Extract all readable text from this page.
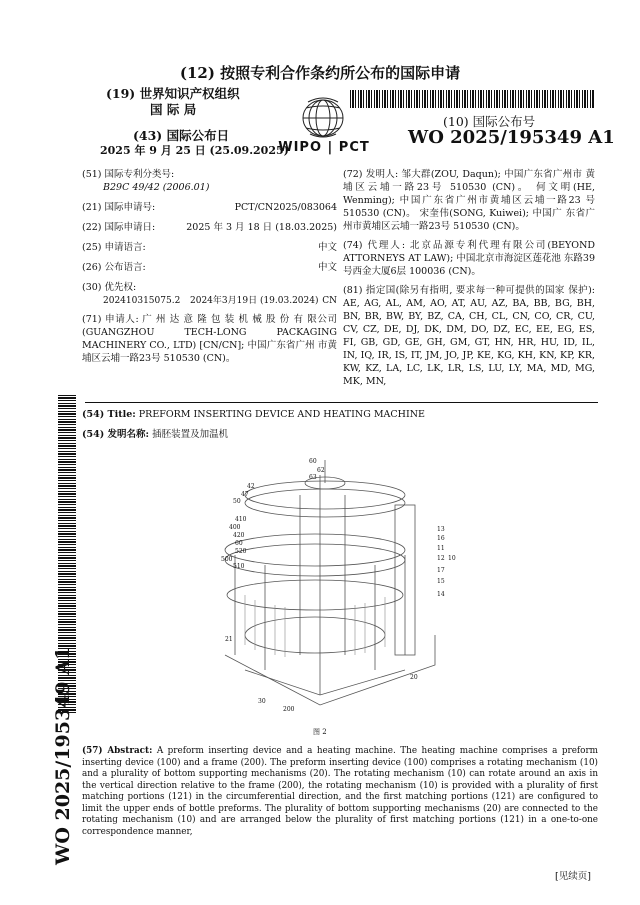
(12) 按照专利合作条约所公布的国际申请
(19) 世界知识产权组织
国 际 局
(43) 国际公布日
2025 年 9 月 25 日 (25.09.2025)
WIPO | PCT
(10) 国际公布号
WO 2025/195349 A1
(51) 国际专利分类号:
B29C 49/42 (2006.01)
(21) 国际申请号:	PCT/CN2025/083064
(22) 国际申请日:	2025 年 3 月 18 日 (18.03.2025)
(25) 申请语言:	中文
(26) 公布语言:	中文
(30) 优先权:
202410315075.2 2024年3月19日 (19.03.2024) CN
(71) 申请人: 广 州 达 意 隆 包 装 机 械 股 份 有 限公司(GUANGZHOU TECH-LONG PACKAGING MACHINERY CO., LTD) [CN/CN]; 中国广东省广州 市黄埔区云埔一路23号 510530 (CN)。
(72) 发明人: 邹大群(ZOU, Daqun); 中国广东省广州市 黄埔区云埔一路23号 510530 (CN)。 何文明(HE, Wenming); 中国广东省广州市黄埔区云埔一路23 号 510530 (CN)。 宋奎伟(SONG, Kuiwei); 中国广 东省广州市黄埔区云埔一路23号 510530 (CN)。
(74) 代理人: 北京品源专利代理有限公司(BEYOND ATTORNEYS AT LAW); 中国北京市海淀区莲花池 东路39号西金大厦6层 100036 (CN)。
(81) 指定国(除另有指明, 要求每一种可提供的国家 保护): AE, AG, AL, AM, AO, AT, AU, AZ, BA, BB, BG, BH, BN, BR, BW, BY, BZ, CA, CH, CL, CN, CO, CR, CU, CV, CZ, DE, DJ, DK, DM, DO, DZ, EC, EE, EG, ES, FI, GB, GD, GE, GH, GM, GT, HN, HR, HU, ID, IL, IN, IQ, IR, IS, IT, JM, JO, JP, KE, KG, KH, KN, KP, KR, KW, KZ, LA, LC, LK, LR, LS, LU, LY, MA, MD, MG, MK, MN,
WO 2025/195349 A1
(54) Title: PREFORM INSERTING DEVICE AND HEATING MACHINE
(54) 发明名称: 插胚装置及加温机
60
62
63
42
47
50
410
400
420
60
520
500
510
21
13
16
11
12
17
15
14
10
20
30
200
图 2
(57) Abstract: A preform inserting device and a heating machine. The heating machine comprises a preform inserting device (100) and a frame (200). The preform inserting device (100) comprises a rotating mechanism (10) and a plurality of bottom supporting mechanisms (20). The rotating mechanism (10) can rotate around an axis in the vertical direction relative to the frame (200), the rotating mechanism (10) is provided with a plurality of first matching portions (121) in the circumferential direction, and the first matching portions (121) are configured to limit the upper ends of bottle preforms. The plurality of bottom supporting mechanisms (20) are connected to the rotating mechanism (10) and are arranged below the plurality of first matching portions (121) in a one-to-one correspondence manner,
[见续页]
